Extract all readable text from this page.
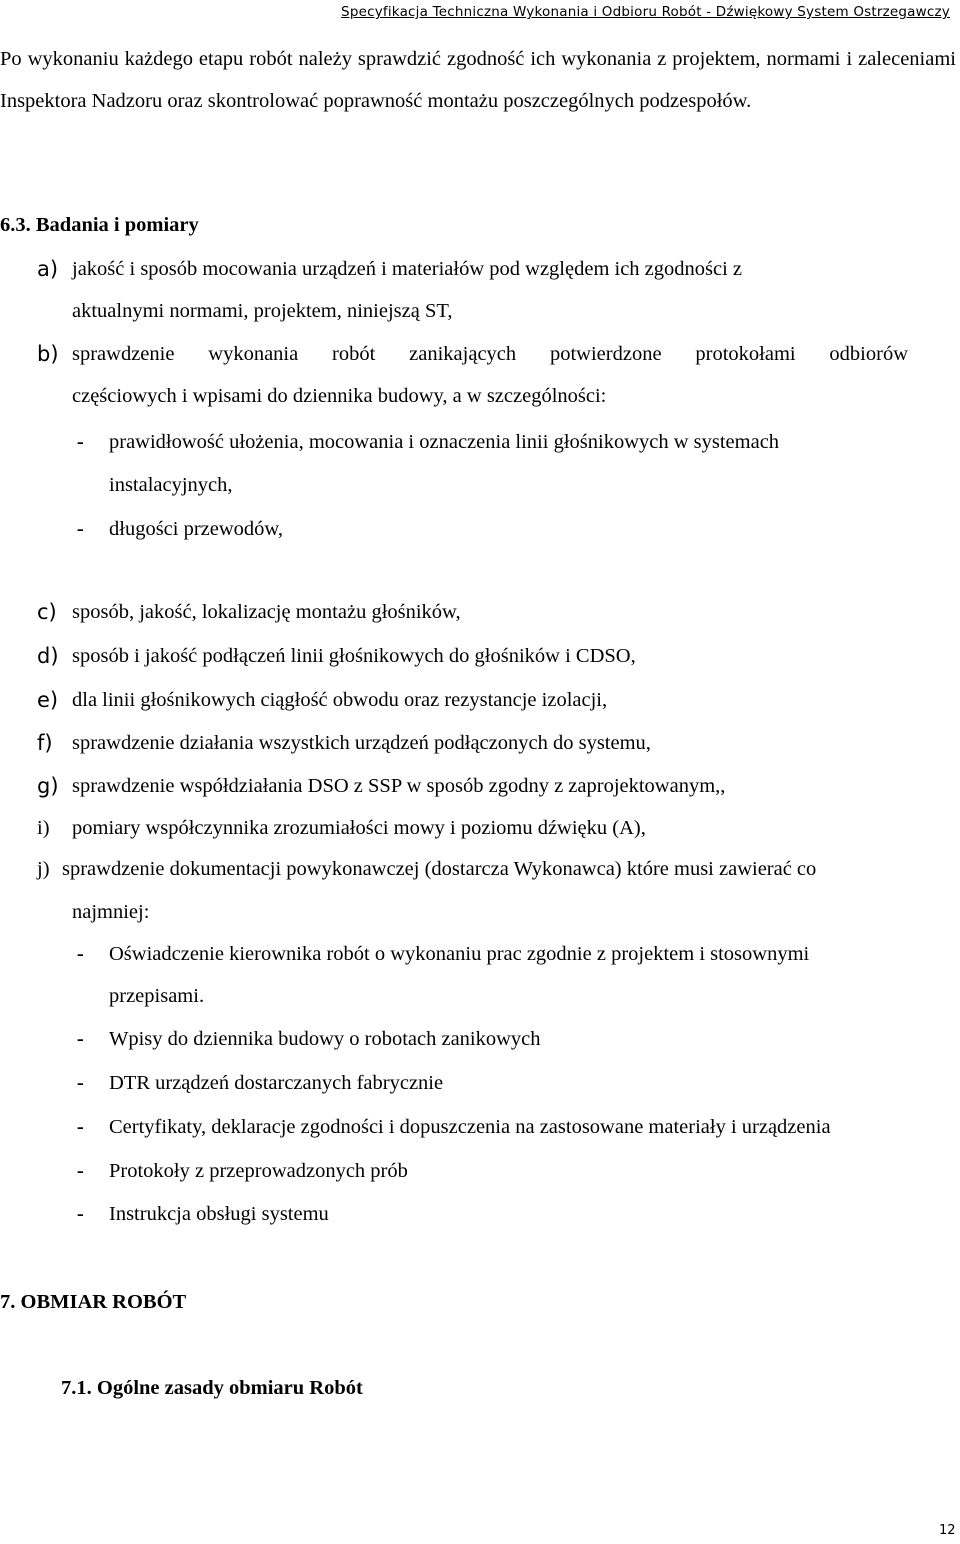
Specyfikacja Techniczna Wykonania i Odbioru Robót - Dźwiękowy System Ostrzegawczy
Po wykonaniu każdego etapu robót należy sprawdzić zgodność ich wykonania z projektem, normami i zaleceniami Inspektora Nadzoru oraz skontrolować poprawność montażu poszczególnych podzespołów.
6.3. Badania i pomiary
a) jakość i sposób mocowania urządzeń i materiałów pod względem ich zgodności z
aktualnymi normami, projektem, niniejszą ST,
b) sprawdzenie wykonania robót zanikających potwierdzone protokołami odbiorów
częściowych i wpisami do dziennika budowy, a w szczególności:
- prawidłowość ułożenia, mocowania i oznaczenia linii głośnikowych w systemach
instalacyjnych,
- długości przewodów,
c) sposób, jakość, lokalizację montażu głośników,
d) sposób i jakość podłączeń linii głośnikowych do głośników i CDSO,
e) dla linii głośnikowych ciągłość obwodu oraz rezystancje izolacji,
f) sprawdzenie działania wszystkich urządzeń podłączonych do systemu,
g) sprawdzenie współdziałania DSO z SSP w sposób zgodny z zaprojektowanym,,
i) pomiary współczynnika zrozumiałości mowy i poziomu dźwięku (A),
j) sprawdzenie dokumentacji powykonawczej (dostarcza Wykonawca) które musi zawierać co
najmniej:
- Oświadczenie kierownika robót o wykonaniu prac zgodnie z projektem i stosownymi
przepisami.
- Wpisy do dziennika budowy o robotach zanikowych
- DTR urządzeń dostarczanych fabrycznie
- Certyfikaty, deklaracje zgodności i dopuszczenia na zastosowane materiały i urządzenia
- Protokoły z przeprowadzonych prób
- Instrukcja obsługi systemu
7. OBMIAR ROBÓT
7.1. Ogólne zasady obmiaru Robót
12
